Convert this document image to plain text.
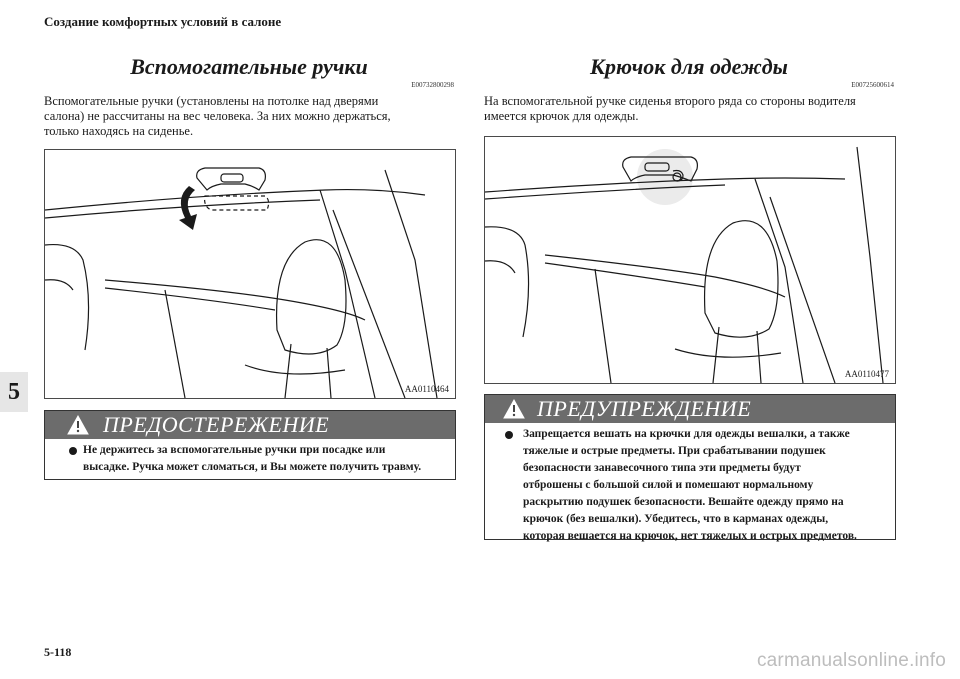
Создание комфортных условий в салоне
5
Вспомогательные ручки
E00732800298
Вспомогательные ручки (установлены на потолке над дверями
салона) не рассчитаны на вес человека. За них можно держаться,
только находясь на сиденье.
AA0110464
ПРЕДОСТЕРЕЖЕНИЕ
Не держитесь за вспомогательные ручки при посадке или
высадке. Ручка может сломаться, и Вы можете получить травму.
Крючок для одежды
E00725600614
На вспомогательной ручке сиденья второго ряда со стороны водителя
имеется крючок для одежды.
AA0110477
ПРЕДУПРЕЖДЕНИЕ
Запрещается вешать на крючки для одежды вешалки, а также
тяжелые и острые предметы. При срабатывании подушек
безопасности занавесочного типа эти предметы будут
отброшены с большой силой и помешают нормальному
раскрытию подушек безопасности. Вешайте одежду прямо на
крючок (без вешалки). Убедитесь, что в карманах одежды,
которая вешается на крючок, нет тяжелых и острых предметов.
5-118	carmanualsonline.info
